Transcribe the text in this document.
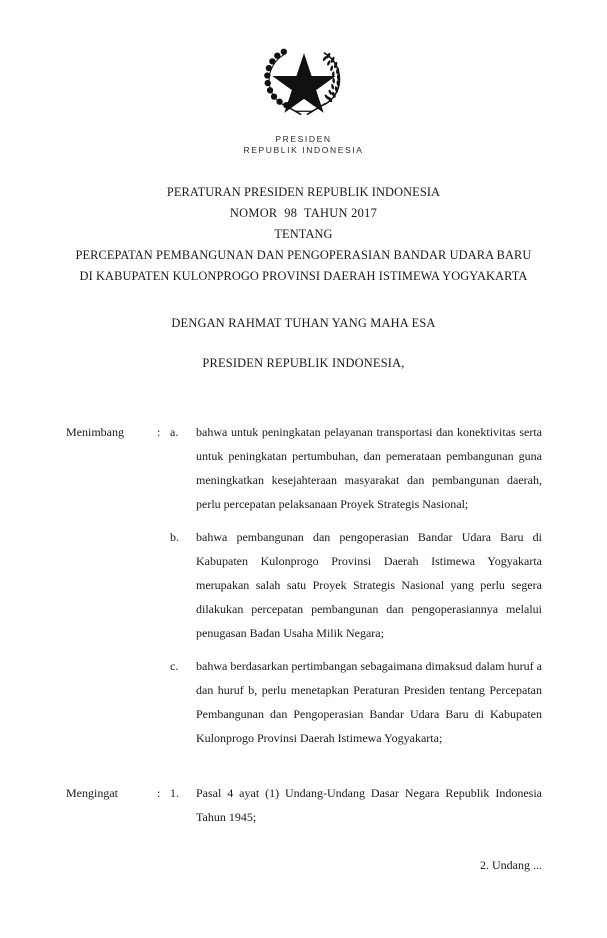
PRESIDEN
REPUBLIK INDONESIA
PERATURAN PRESIDEN REPUBLIK INDONESIA
NOMOR  98  TAHUN 2017
TENTANG
PERCEPATAN PEMBANGUNAN DAN PENGOPERASIAN BANDAR UDARA BARU
DI KABUPATEN KULONPROGO PROVINSI DAERAH ISTIMEWA YOGYAKARTA
DENGAN RAHMAT TUHAN YANG MAHA ESA
PRESIDEN REPUBLIK INDONESIA,
Menimbang	: a.	bahwa untuk peningkatan pelayanan transportasi dan konektivitas serta untuk peningkatan pertumbuhan, dan pemerataan pembangunan guna meningkatkan kesejahteraan masyarakat dan pembangunan daerah, perlu percepatan pelaksanaan Proyek Strategis Nasional;
b.	bahwa pembangunan dan pengoperasian Bandar Udara Baru di Kabupaten Kulonprogo Provinsi Daerah Istimewa Yogyakarta merupakan salah satu Proyek Strategis Nasional yang perlu segera dilakukan percepatan pembangunan dan pengoperasiannya melalui penugasan Badan Usaha Milik Negara;
c.	bahwa berdasarkan pertimbangan sebagaimana dimaksud dalam huruf a dan huruf b, perlu menetapkan Peraturan Presiden tentang Percepatan Pembangunan dan Pengoperasian Bandar Udara Baru di Kabupaten Kulonprogo Provinsi Daerah Istimewa Yogyakarta;
Mengingat	: 1.	Pasal 4 ayat (1) Undang-Undang Dasar Negara Republik Indonesia Tahun 1945;
2. Undang ...
